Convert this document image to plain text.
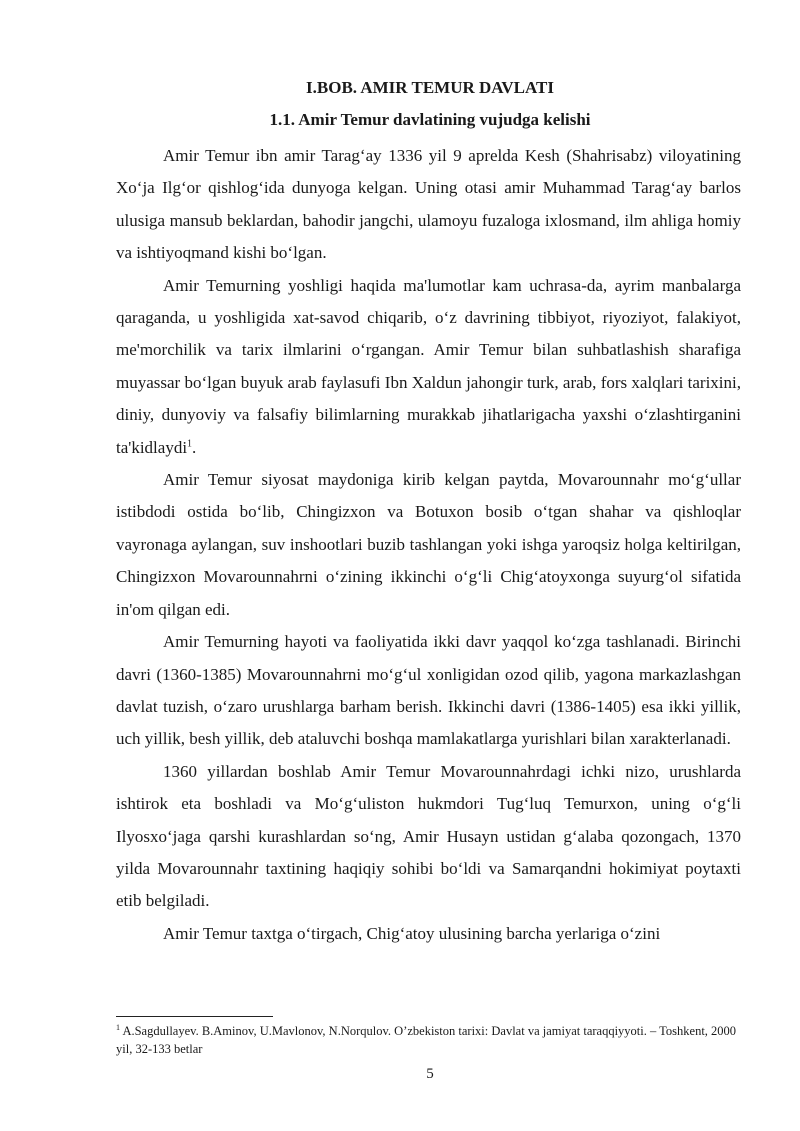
I.BOB. AMIR TEMUR DAVLATI
1.1. Amir Temur davlatining vujudga kelishi

Amir Temur ibn amir Tarag‘ay 1336 yil 9 aprelda Kesh (Shahrisabz) viloyatining Xo‘ja Ilg‘or qishlog‘ida dunyoga kelgan. Uning otasi amir Muhammad Tarag‘ay barlos ulusiga mansub beklardan, bahodir jangchi, ulamoyu fuzaloga ixlosmand, ilm ahliga homiy va ishtiyoqmand kishi bo‘lgan.

Amir Temurning yoshligi haqida ma'lumotlar kam uchrasa-da, ayrim manbalarga qaraganda, u yoshligida xat-savod chiqarib, o‘z davrining tibbiyot, riyoziyot, falakiyot, me'morchilik va tarix ilmlarini o‘rgangan. Amir Temur bilan suhbatlashish sharafiga muyassar bo‘lgan buyuk arab faylasufi Ibn Xaldun jahongir turk, arab, fors xalqlari tarixini, diniy, dunyoviy va falsafiy bilimlarning murakkab jihatlarigacha yaxshi o‘zlashtirganini ta'kidlaydi$^1$.

Amir Temur siyosat maydoniga kirib kelgan paytda, Movarounnahr mo‘g‘ullar istibdodi ostida bo‘lib, Chingizxon va Botuxon bosib o‘tgan shahar va qishloqlar vayronaga aylangan, suv inshootlari buzib tashlangan yoki ishga yaroqsiz holga keltirilgan, Chingizxon Movarounnahrni o‘zining ikkinchi o‘g‘li Chig‘atoyxonga suyurg‘ol sifatida in'om qilgan edi.

Amir Temurning hayoti va faoliyatida ikki davr yaqqol ko‘zga tashlanadi. Birinchi davri (1360-1385) Movarounnahrni mo‘g‘ul xonligidan ozod qilib, yagona markazlashgan davlat tuzish, o‘zaro urushlarga barham berish. Ikkinchi davri (1386-1405) esa ikki yillik, uch yillik, besh yillik, deb ataluvchi boshqa mamlakatlarga yurishlari bilan xarakterlanadi.

1360 yillardan boshlab Amir Temur Movarounnahrdagi ichki nizo, urushlarda ishtirok eta boshladi va Mo‘g‘uliston hukmdori Tug‘luq Temurxon, uning o‘g‘li Ilyosxo‘jaga qarshi kurashlardan so‘ng, Amir Husayn ustidan g‘alaba qozongach, 1370 yilda Movarounnahr taxtining haqiqiy sohibi bo‘ldi va Samarqandni hokimiyat poytaxti etib belgiladi.

Amir Temur taxtga o‘tirgach, Chig‘atoy ulusining barcha yerlariga o‘zini

$^1$ A.Sagdullayev. B.Aminov, U.Mavlonov, N.Norqulov. O’zbekiston tarixi: Davlat va jamiyat taraqqiyyoti. – Toshkent, 2000 yil, 32-133 betlar
5
